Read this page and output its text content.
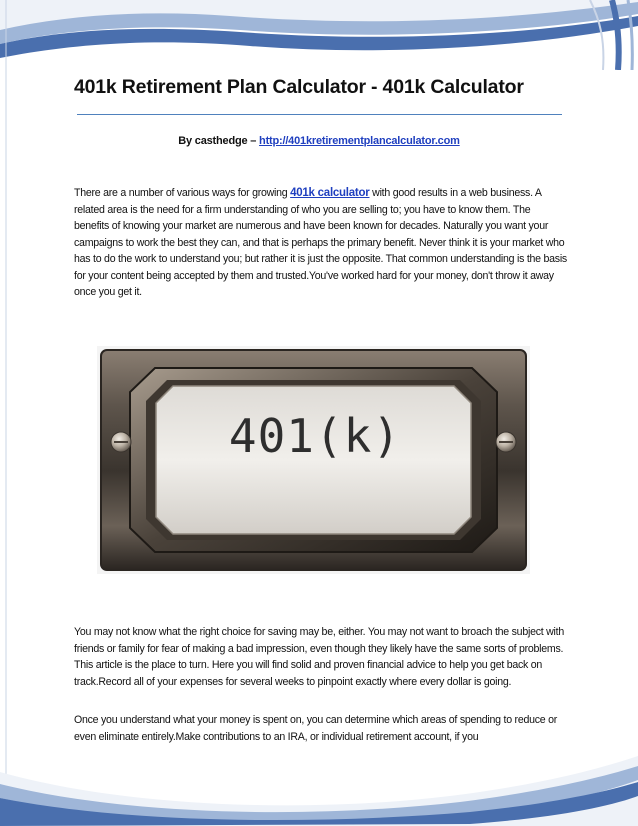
401k Retirement Plan Calculator - 401k Calculator
By casthedge – http://401kretirementplancalculator.com

There are a number of various ways for growing 401k calculator with good results in a web business. A related area is the need for a firm understanding of who you are selling to; you have to know them. The benefits of knowing your market are numerous and have been known for decades. Naturally you want your campaigns to work the best they can, and that is perhaps the primary benefit. Never think it is your market who has to do the work to understand you; but rather it is just the opposite. That common understanding is the basis for your content being accepted by them and trusted.You've worked hard for your money, don't throw it away once you get it.

401(k)

You may not know what the right choice for saving may be, either. You may not want to broach the subject with friends or family for fear of making a bad impression, even though they likely have the same sorts of problems. This article is the place to turn. Here you will find solid and proven financial advice to help you get back on track.Record all of your expenses for several weeks to pinpoint exactly where every dollar is going.

Once you understand what your money is spent on, you can determine which areas of spending to reduce or even eliminate entirely.Make contributions to an IRA, or individual retirement account, if you
